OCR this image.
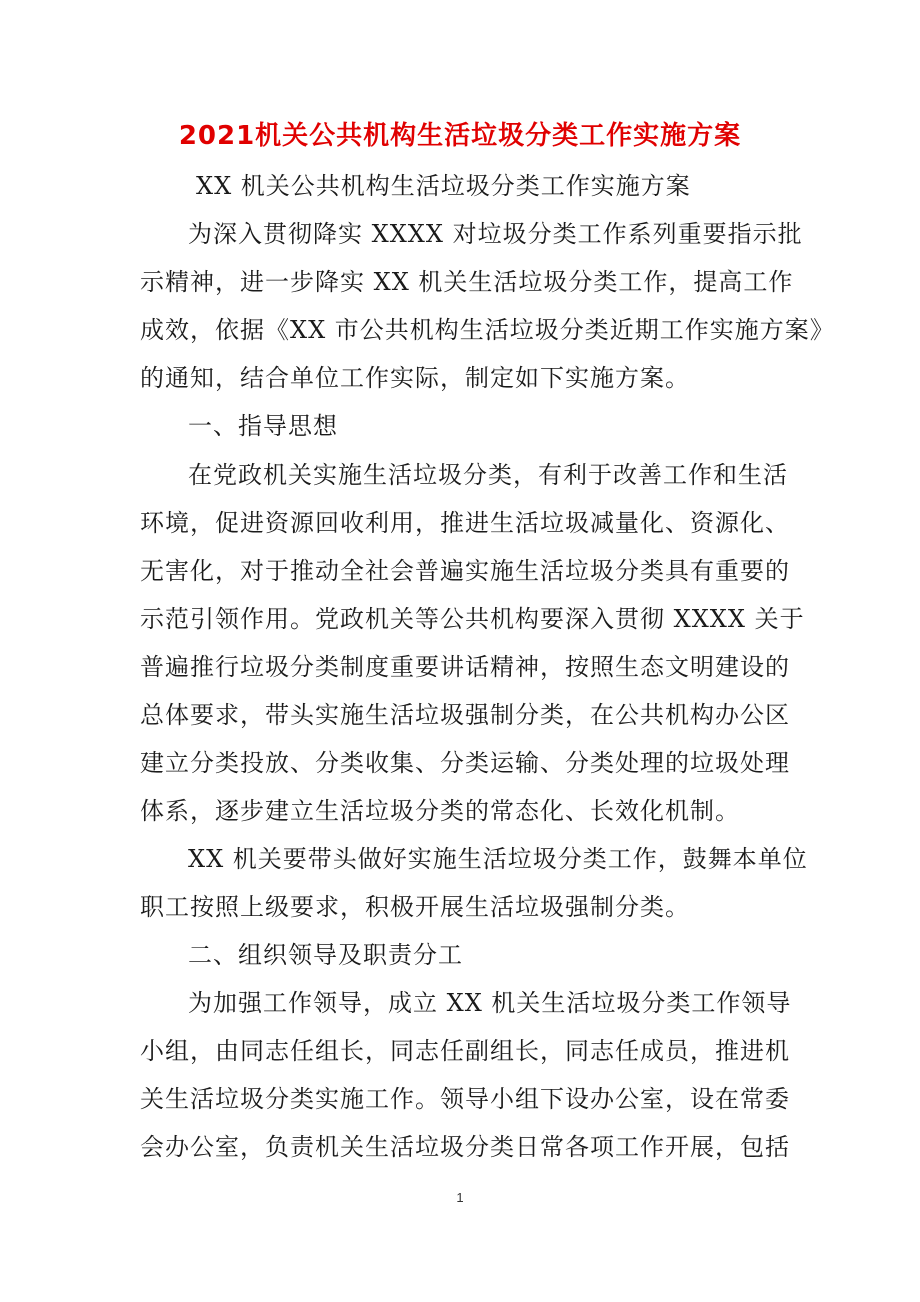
2021机关公共机构生活垃圾分类工作实施方案
XX 机关公共机构生活垃圾分类工作实施方案
为深入贯彻降实 XXXX 对垃圾分类工作系列重要指示批
示精神，进一步降实 XX 机关生活垃圾分类工作，提高工作
成效，依据《XX 市公共机构生活垃圾分类近期工作实施方案》
的通知，结合单位工作实际，制定如下实施方案。
一、指导思想
在党政机关实施生活垃圾分类，有利于改善工作和生活
环境，促进资源回收利用，推进生活垃圾减量化、资源化、
无害化，对于推动全社会普遍实施生活垃圾分类具有重要的
示范引领作用。党政机关等公共机构要深入贯彻 XXXX 关于
普遍推行垃圾分类制度重要讲话精神，按照生态文明建设的
总体要求，带头实施生活垃圾强制分类，在公共机构办公区
建立分类投放、分类收集、分类运输、分类处理的垃圾处理
体系，逐步建立生活垃圾分类的常态化、长效化机制。
XX 机关要带头做好实施生活垃圾分类工作，鼓舞本单位
职工按照上级要求，积极开展生活垃圾强制分类。
二、组织领导及职责分工
为加强工作领导，成立 XX 机关生活垃圾分类工作领导
小组，由同志任组长，同志任副组长，同志任成员，推进机
关生活垃圾分类实施工作。领导小组下设办公室，设在常委
会办公室，负责机关生活垃圾分类日常各项工作开展，包括
1
